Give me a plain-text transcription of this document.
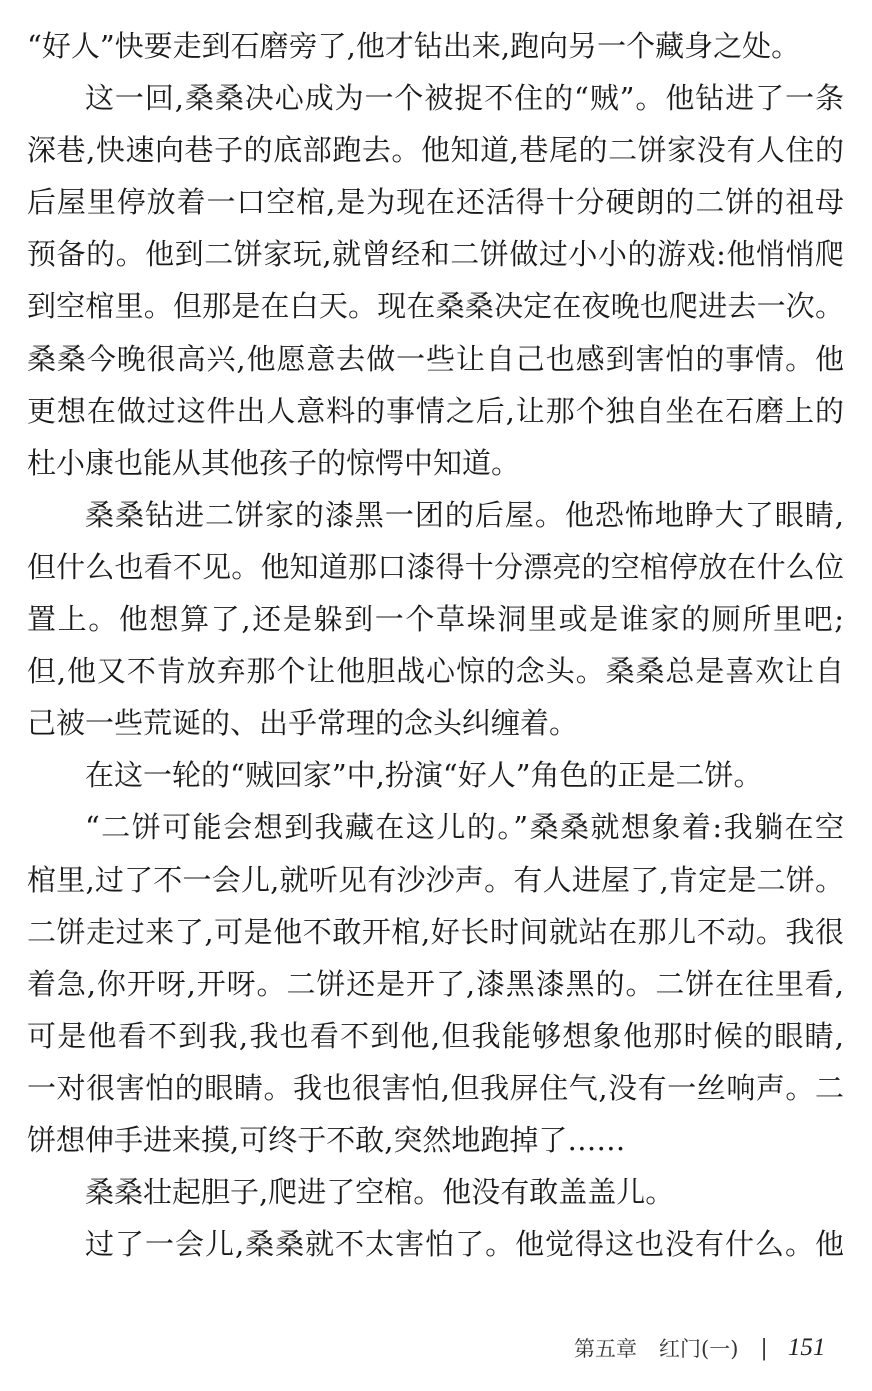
“好人”快要走到石磨旁了,他才钻出来,跑向另一个藏身之处。
这一回,桑桑决心成为一个被捉不住的“贼”。他钻进了一条
深巷,快速向巷子的底部跑去。他知道,巷尾的二饼家没有人住的
后屋里停放着一口空棺,是为现在还活得十分硬朗的二饼的祖母
预备的。他到二饼家玩,就曾经和二饼做过小小的游戏:他悄悄爬
到空棺里。但那是在白天。现在桑桑决定在夜晚也爬进去一次。
桑桑今晚很高兴,他愿意去做一些让自己也感到害怕的事情。他
更想在做过这件出人意料的事情之后,让那个独自坐在石磨上的
杜小康也能从其他孩子的惊愕中知道。
桑桑钻进二饼家的漆黑一团的后屋。他恐怖地睁大了眼睛,
但什么也看不见。他知道那口漆得十分漂亮的空棺停放在什么位
置上。他想算了,还是躲到一个草垛洞里或是谁家的厕所里吧;
但,他又不肯放弃那个让他胆战心惊的念头。桑桑总是喜欢让自
己被一些荒诞的、出乎常理的念头纠缠着。
在这一轮的“贼回家”中,扮演“好人”角色的正是二饼。
“二饼可能会想到我藏在这儿的。”桑桑就想象着:我躺在空
棺里,过了不一会儿,就听见有沙沙声。有人进屋了,肯定是二饼。
二饼走过来了,可是他不敢开棺,好长时间就站在那儿不动。我很
着急,你开呀,开呀。二饼还是开了,漆黑漆黑的。二饼在往里看,
可是他看不到我,我也看不到他,但我能够想象他那时候的眼睛,
一对很害怕的眼睛。我也很害怕,但我屏住气,没有一丝响声。二
饼想伸手进来摸,可终于不敢,突然地跑掉了……
桑桑壮起胆子,爬进了空棺。他没有敢盖盖儿。
过了一会儿,桑桑就不太害怕了。他觉得这也没有什么。他
第五章 红门(一) | 151
